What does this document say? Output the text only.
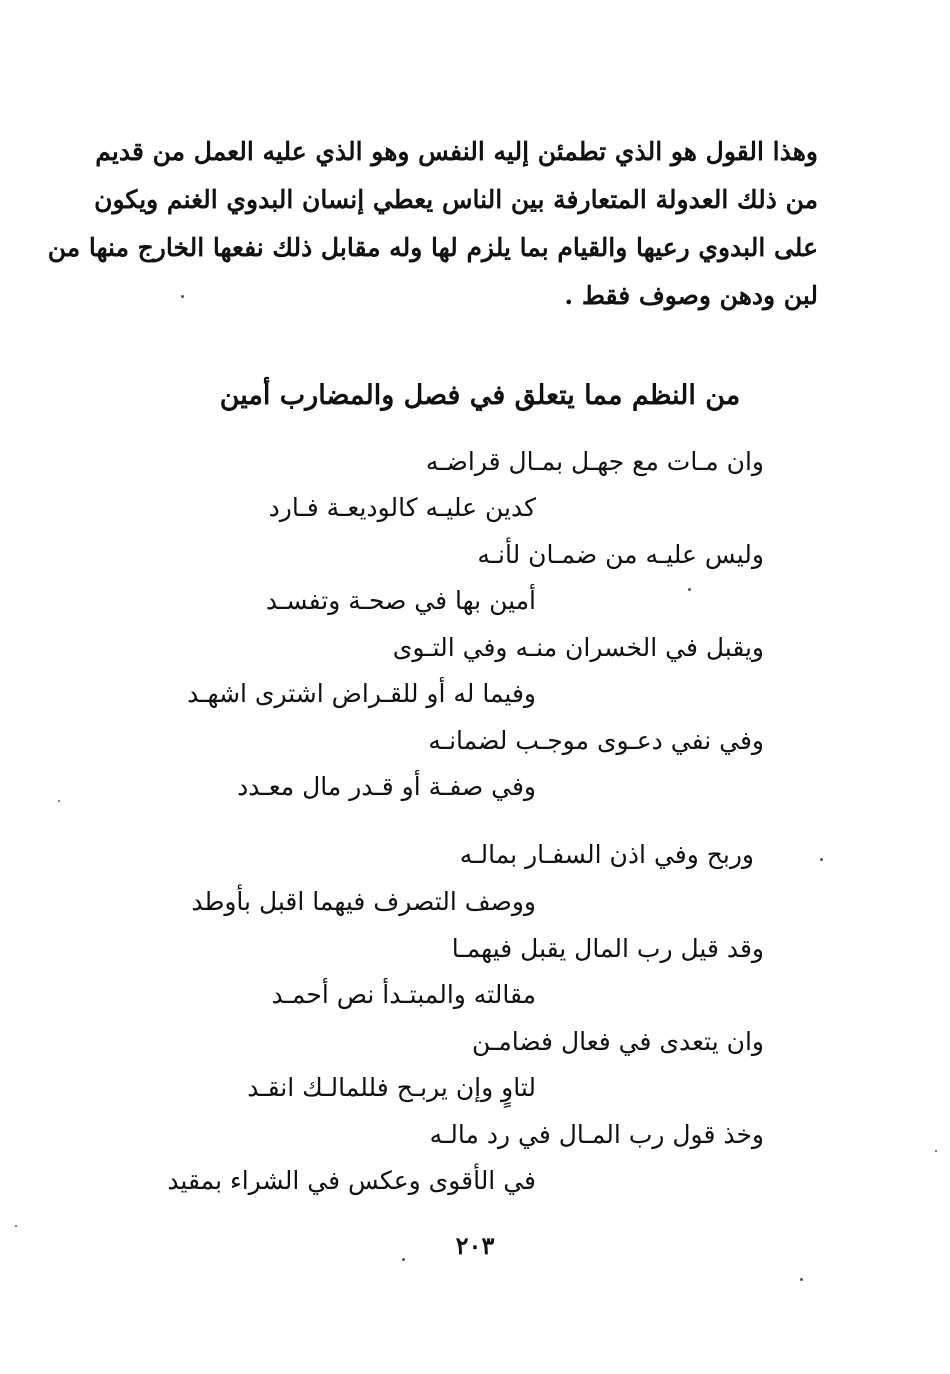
وهذا القول هو الذي تطمئن إليه النفس وهو الذي عليه العمل من قديم
من ذلك العدولة المتعارفة بين الناس يعطي إنسان البدوي الغنم ويكون
على البدوي رعيها والقيام بما يلزم لها وله مقابل ذلك نفعها الخارج منها من
لبن ودهن وصوف فقط .
من النظم مما يتعلق في فصل والمضارب أمين
وان مـات مع جهـل بمـال قراضـه
كدين عليـه كالوديعـة فـارد
وليس عليـه من ضمـان لأنـه
أمين بها في صحـة وتفسـد
ويقبل في الخسران منـه وفي التـوى
وفيما له أو للقـراض اشترى اشهـد
وفي نفي دعـوى موجـب لضمانـه
وفي صفـة أو قـدر مال معـدد
وربح وفي اذن السفـار بمالـه
ووصف التصرف فيهما اقبل بأوطد
وقد قيل رب المال يقبل فيهمـا
مقالته والمبتـدأ نص أحمـد
وان يتعدى في فعال فضامـن
لتاوٍ وإن يربـح فللمالـك انقـد
وخذ قول رب المـال في رد مالـه
في الأقوى وعكس في الشراء بمقيد
٢٠٣
